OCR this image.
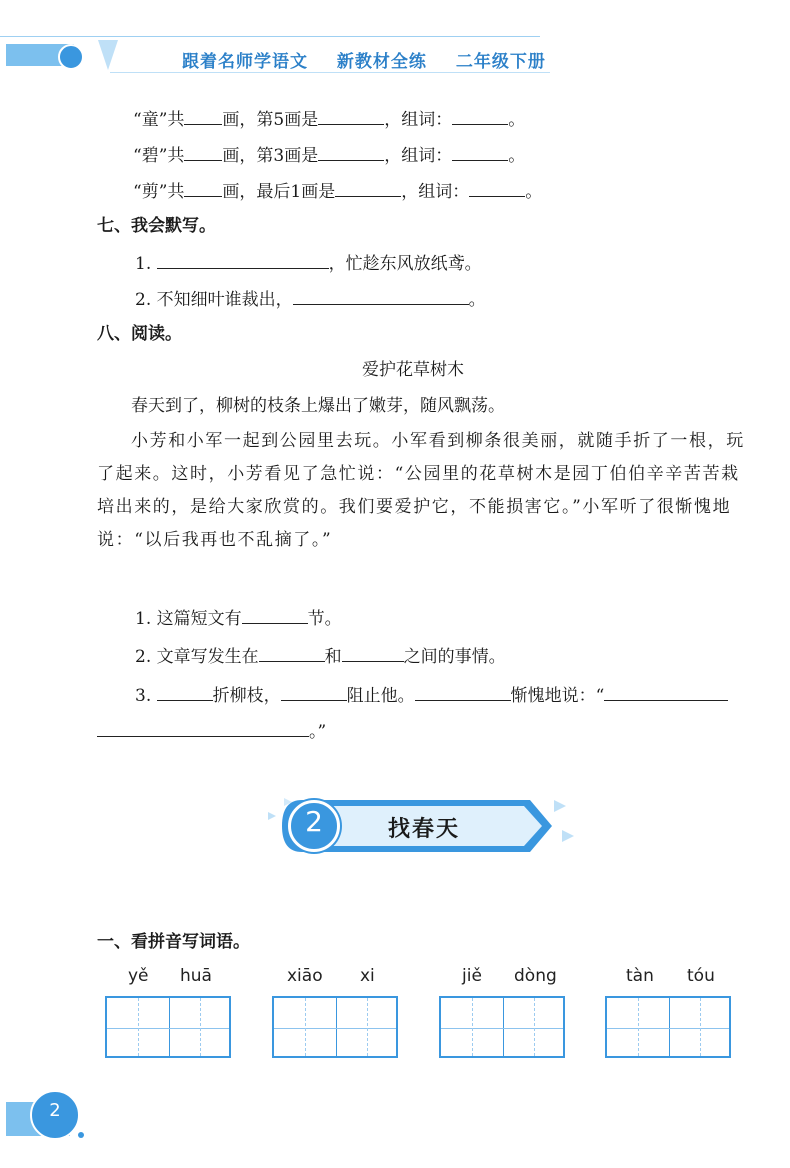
跟着名师学语文 新教材全练 二年级下册
“童”共 画，第5画是	，组词：	。
“碧”共 画，第3画是	，组词：	。
“剪”共 画，最后1画是	，组词：	。
七、我会默写。
1.	，忙趁东风放纸鸢。
2. 不知细叶谁裁出，	。
八、阅读。
爱护花草树木
春天到了，柳树的枝条上爆出了嫩芽，随风飘荡。
小芳和小军一起到公园里去玩。小军看到柳条很美丽，就随手折了一根，玩了起来。这时，小芳看见了急忙说：“公园里的花草树木是园丁伯伯辛辛苦苦栽培出来的，是给大家欣赏的。我们要爱护它，不能损害它。”小军听了很惭愧地说：“以后我再也不乱摘了。”
1. 这篇短文有	节。
2. 文章写发生在	和	之间的事情。
3.	折柳枝，	阻止他。	惭愧地说：“
。”
2	找春天
一、看拼音写词语。
yě huā	xiāo xi	jiě dòng	tàn tóu
2
